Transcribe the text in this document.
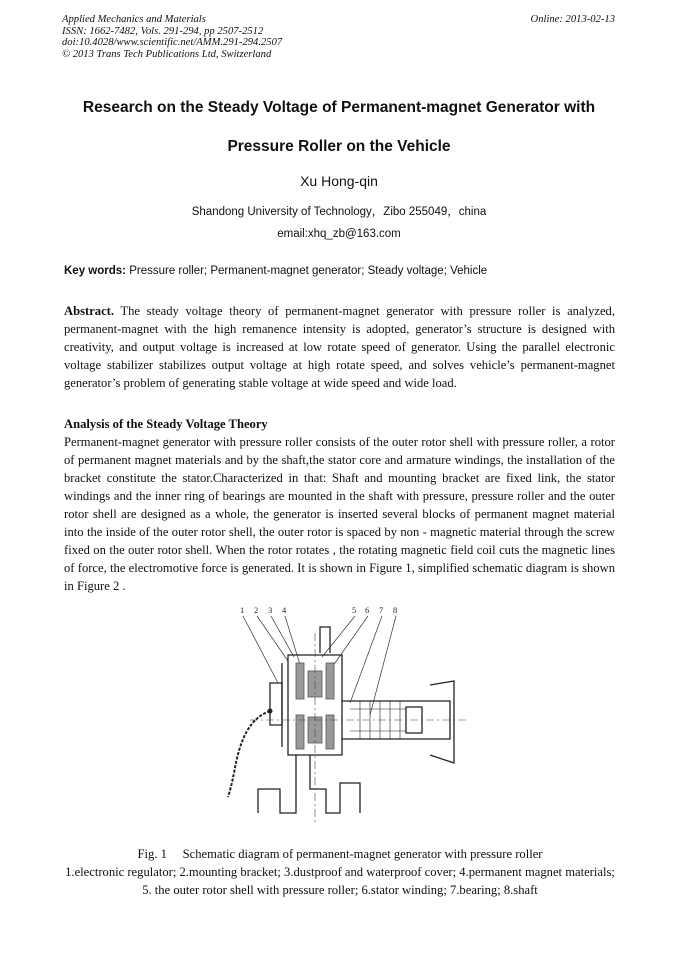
Applied Mechanics and Materials
ISSN: 1662-7482, Vols. 291-294, pp 2507-2512
doi:10.4028/www.scientific.net/AMM.291-294.2507
© 2013 Trans Tech Publications Ltd, Switzerland
Online: 2013-02-13
Research on the Steady Voltage of Permanent-magnet Generator with
Pressure Roller on the Vehicle
Xu Hong-qin
Shandong University of Technology，Zibo 255049，china
email:xhq_zb@163.com
Key words: Pressure roller; Permanent-magnet generator; Steady voltage; Vehicle
Abstract. The steady voltage theory of permanent-magnet generator with pressure roller is analyzed, permanent-magnet with the high remanence intensity is adopted, generator’s structure is designed with creativity, and output voltage is increased at low rotate speed of generator. Using the parallel electronic voltage stabilizer stabilizes output voltage at high rotate speed, and solves vehicle’s permanent-magnet generator’s problem of generating stable voltage at wide speed and wide load.
Analysis of the Steady Voltage Theory
Permanent-magnet generator with pressure roller consists of the outer rotor shell with pressure roller, a rotor of permanent magnet materials and by the shaft,the stator core and armature windings, the installation of the bracket constitute the stator.Characterized in that: Shaft and mounting bracket are fixed link, the stator windings and the inner ring of bearings are mounted in the shaft with pressure, pressure roller and the outer rotor shell are designed as a whole, the generator is inserted several blocks of permanent magnet material into the inside of the outer rotor shell, the outer rotor is spaced by non - magnetic material through the screw fixed on the outer rotor shell. When the rotor rotates , the rotating magnetic field coil cuts the magnetic lines of force, the electromotive force is generated. It is shown in Figure 1, simplified schematic diagram is shown in Figure 2 .
1 2 3 4	5 6 7 8
Fig. 1     Schematic diagram of permanent-magnet generator with pressure roller
1.electronic regulator; 2.mounting bracket; 3.dustproof and waterproof cover; 4.permanent magnet materials; 5. the outer rotor shell with pressure roller; 6.stator winding; 7.bearing; 8.shaft
